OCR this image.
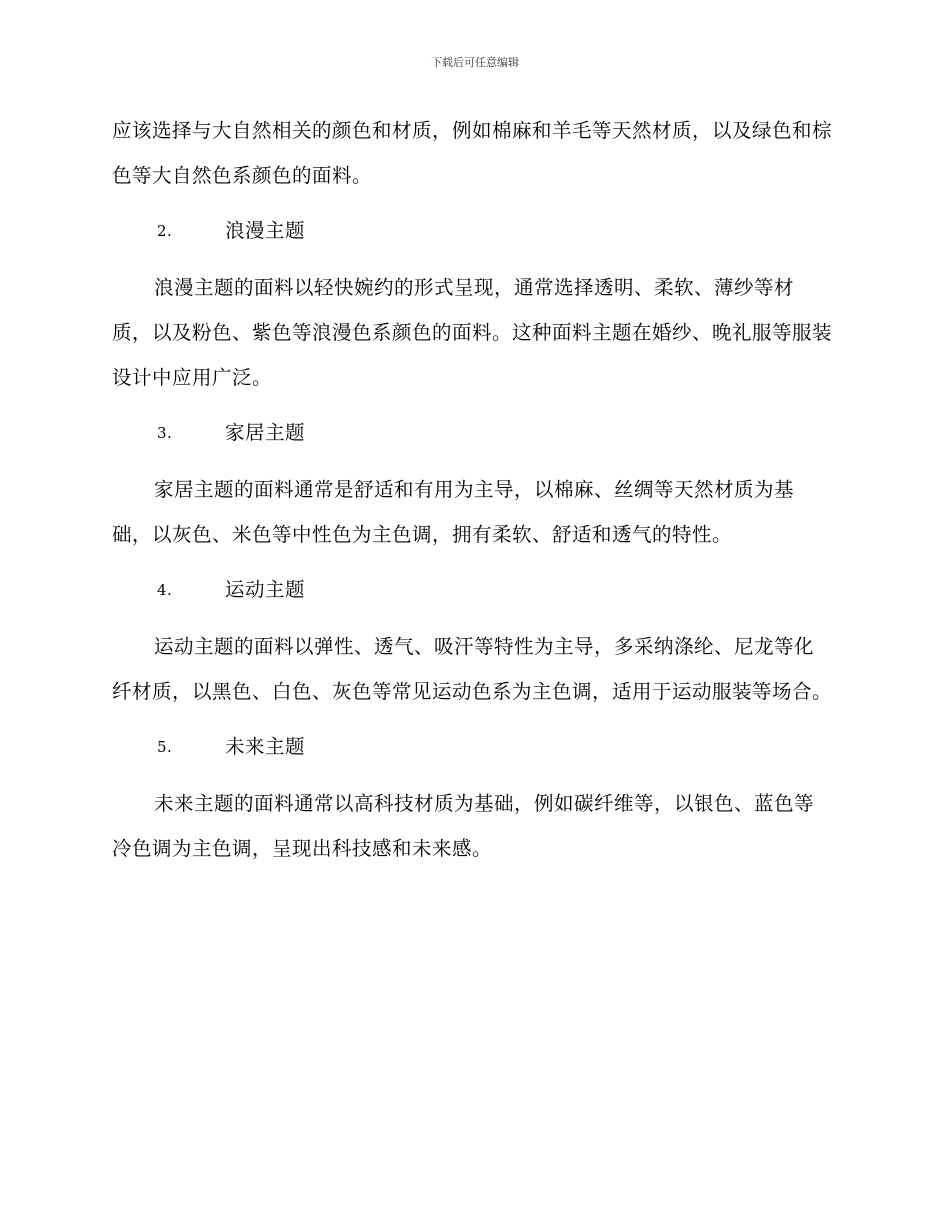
下载后可任意编辑

应该选择与大自然相关的颜色和材质，例如棉麻和羊毛等天然材质，以及绿色和棕色等大自然色系颜色的面料。

2.	浪漫主题

浪漫主题的面料以轻快婉约的形式呈现，通常选择透明、柔软、薄纱等材质，以及粉色、紫色等浪漫色系颜色的面料。这种面料主题在婚纱、晚礼服等服装设计中应用广泛。

3.	家居主题

家居主题的面料通常是舒适和有用为主导，以棉麻、丝绸等天然材质为基础，以灰色、米色等中性色为主色调，拥有柔软、舒适和透气的特性。

4.	运动主题

运动主题的面料以弹性、透气、吸汗等特性为主导，多采纳涤纶、尼龙等化纤材质，以黑色、白色、灰色等常见运动色系为主色调，适用于运动服装等场合。

5.	未来主题

未来主题的面料通常以高科技材质为基础，例如碳纤维等，以银色、蓝色等冷色调为主色调，呈现出科技感和未来感。
